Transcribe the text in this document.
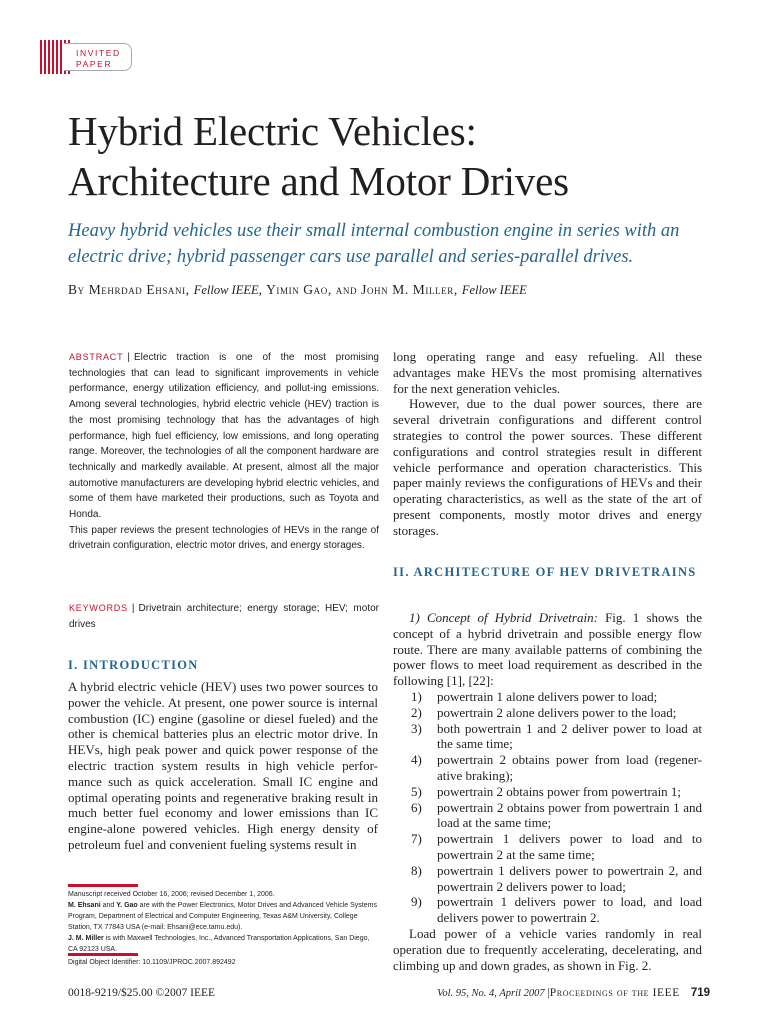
INVITED
PAPER
Hybrid Electric Vehicles:
Architecture and Motor Drives

Heavy hybrid vehicles use their small internal combustion engine in series with an electric drive; hybrid passenger cars use parallel and series-parallel drives.

By Mehrdad Ehsani, Fellow IEEE, Yimin Gao, and John M. Miller, Fellow IEEE

ABSTRACT | Electric traction is one of the most promising technologies that can lead to significant improvements in vehicle performance, energy utilization efficiency, and pollut-ing emissions. Among several technologies, hybrid electric vehicle (HEV) traction is the most promising technology that has the advantages of high performance, high fuel efficiency, low emissions, and long operating range. Moreover, the technologies of all the component hardware are technically and markedly available. At present, almost all the major automotive manufacturers are developing hybrid electric vehicles, and some of them have marketed their productions, such as Toyota and Honda.

This paper reviews the present technologies of HEVs in the range of drivetrain configuration, electric motor drives, and energy storages.

KEYWORDS | Drivetrain architecture; energy storage; HEV; motor drives
I. INTRODUCTION

A hybrid electric vehicle (HEV) uses two power sources to power the vehicle. At present, one power source is internal combustion (IC) engine (gasoline or diesel fueled) and the other is chemical batteries plus an electric motor drive. In HEVs, high peak power and quick power response of the electric traction system results in high vehicle perfor-mance such as quick acceleration. Small IC engine and optimal operating points and regenerative braking result in much better fuel economy and lower emissions than IC engine-alone powered vehicles. High energy density of petroleum fuel and convenient fueling systems result in

long operating range and easy refueling. All these advantages make HEVs the most promising alternatives for the next generation vehicles.

However, due to the dual power sources, there are several drivetrain configurations and different control strategies to control the power sources. These different configurations and control strategies result in different vehicle performance and operation characteristics. This paper mainly reviews the configurations of HEVs and their operating characteristics, as well as the state of the art of present components, mostly motor drives and energy storages.

II. ARCHITECTURE OF HEV DRIVETRAINS

1) Concept of Hybrid Drivetrain: Fig. 1 shows the concept of a hybrid drivetrain and possible energy flow route. There are many available patterns of combining the power flows to meet load requirement as described in the following [1], [22]:

1) powertrain 1 alone delivers power to load;
2) powertrain 2 alone delivers power to the load;
3) both powertrain 1 and 2 deliver power to load at the same time;
4) powertrain 2 obtains power from load (regener-ative braking);
5) powertrain 2 obtains power from powertrain 1;
6) powertrain 2 obtains power from powertrain 1 and load at the same time;
7) powertrain 1 delivers power to load and to powertrain 2 at the same time;
8) powertrain 1 delivers power to powertrain 2, and powertrain 2 delivers power to load;
9) powertrain 1 delivers power to load, and load delivers power to powertrain 2.

Load power of a vehicle varies randomly in real operation due to frequently accelerating, decelerating, and climbing up and down grades, as shown in Fig. 2.

Manuscript received October 16, 2006; revised December 1, 2006.

M. Ehsani and Y. Gao are with the Power Electronics, Motor Drives and Advanced Vehicle Systems Program, Department of Electrical and Computer Engineering, Texas A&M University, College Station, TX 77843 USA (e-mail: Ehsani@ece.tamu.edu).

J. M. Miller is with Maxwell Technologies, Inc., Advanced Transportation Applications, San Diego, CA 92123 USA.

Digital Object Identifier: 10.1109/JPROC.2007.892492
0018-9219/$25.00 ©2007 IEEE	Vol. 95, No. 4, April 2007 |Proceedings of the IEEE 719
